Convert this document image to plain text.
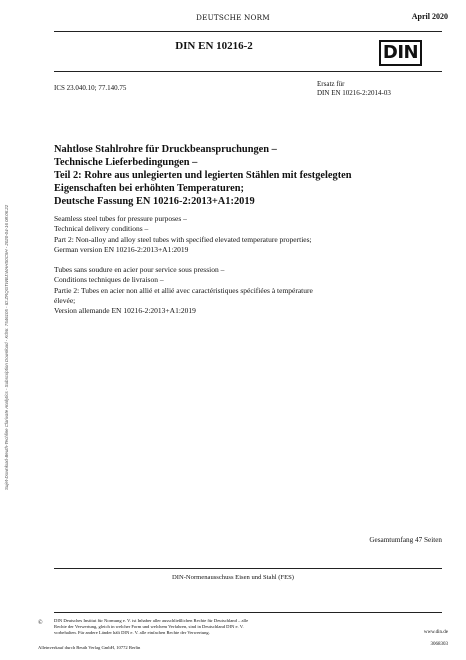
DEUTSCHE NORM	April 2020
DIN EN 10216-2	DIN
ICS 23.040.10; 77.140.75	Ersatz für
DIN EN 10216-2:2014-03
Nahtlose Stahlrohre für Druckbeanspruchungen –
Technische Lieferbedingungen –
Teil 2: Rohre aus unlegierten und legierten Stählen mit festgelegten
Eigenschaften bei erhöhten Temperaturen;
Deutsche Fassung EN 10216-2:2013+A1:2019
Seamless steel tubes for pressure purposes –
Technical delivery conditions –
Part 2: Non-alloy and alloy steel tubes with specified elevated temperature properties;
German version EN 10216-2:2013+A1:2019
Tubes sans soudure en acier pour service sous pression –
Conditions techniques de livraison –
Partie 2: Tubes en acier non allié et allié avec caractéristiques spécifiées à température
élevée;
Version allemande EN 10216-2:2013+A1:2019
Gesamtumfang 47 Seiten
DIN-Normenausschuss Eisen und Stahl (FES)
© DIN Deutsches Institut für Normung e. V. ist Inhaber aller ausschließlichen Rechte für Deutschland – alle
Rechte der Verwertung, gleich in welcher Form und welchem Verfahren, sind in Deutschland DIN e. V.
vorbehalten. Für andere Länder hält DIN e. V. alle einfachen Rechte der Verwertung.
Alleinverkauf durch Beuth Verlag GmbH, 10772 Berlin
www.din.de
3068303
Sujet-Download-Beuth-Techline Clarivate Analytics - Subscription Download - KdNr. 7546105 - ID:ZRQGTWBJ:WAHS0C9H - 2020-04-16 08:06:22
